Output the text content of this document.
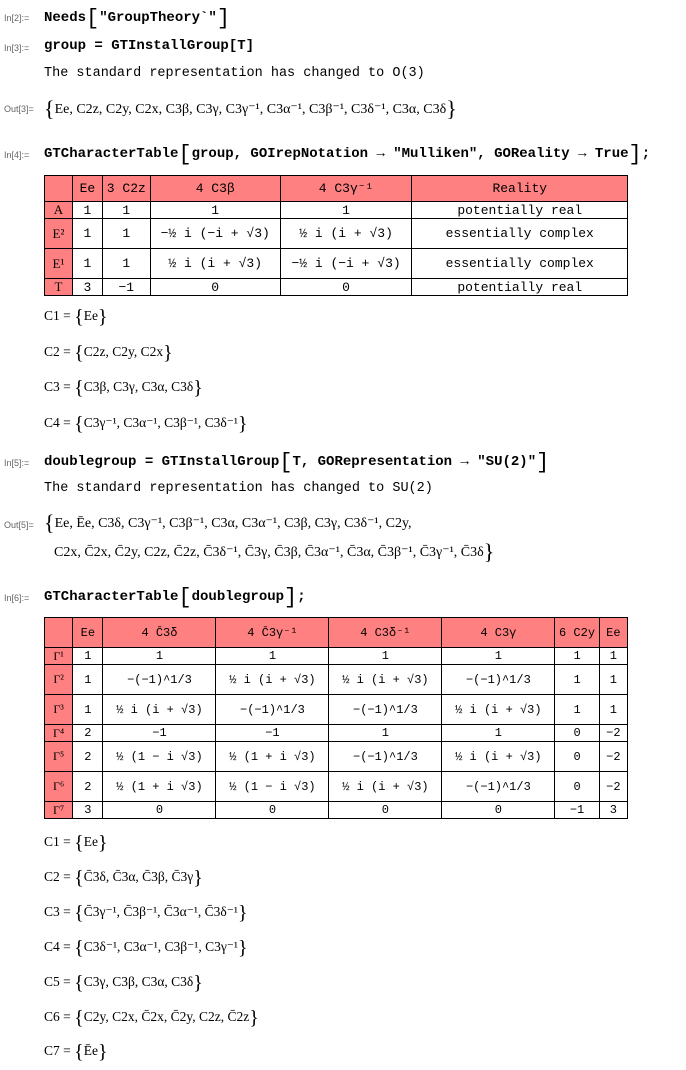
In[2]:= Needs["GroupTheory`"]
In[3]:= group = GTInstallGroup[T]
The standard representation has changed to O(3)
Out[3]= {Ee, C2z, C2y, C2x, C3β, C3γ, C3γ⁻¹, C3α⁻¹, C3β⁻¹, C3δ⁻¹, C3α, C3δ}
In[4]:= GTCharacterTable[group, GOIrepNotation → "Mulliken", GOReality → True];
	Ee	3 C2z	4 C3β	4 C3γ⁻¹	Reality
A	1	1	1	1	potentially real
E²	1	1	−½ i (−i + √3)	½ i (i + √3)	essentially complex
E¹	1	1	½ i (i + √3)	−½ i (−i + √3)	essentially complex
T	3	−1	0	0	potentially real
C1 = {Ee}
C2 = {C2z, C2y, C2x}
C3 = {C3β, C3γ, C3α, C3δ}
C4 = {C3γ⁻¹, C3α⁻¹, C3β⁻¹, C3δ⁻¹}
In[5]:= doublegroup = GTInstallGroup[T, GORepresentation → "SU(2)"]
The standard representation has changed to SU(2)
Out[5]= {Ee, Ēe, C3δ, C3γ⁻¹, C3β⁻¹, C3α, C3α⁻¹, C3β, C3γ, C3δ⁻¹, C2y,
C2x, C̄2x, C̄2y, C2z, C̄2z, C̄3δ⁻¹, C̄3γ, C̄3β, C̄3α⁻¹, C̄3α, C̄3β⁻¹, C̄3γ⁻¹, C̄3δ}
In[6]:= GTCharacterTable[doublegroup];
	Ee	4 C̄3δ	4 C̄3γ⁻¹	4 C3δ⁻¹	4 C3γ	6 C2y	Ee
Γ¹	1	1	1	1	1	1	1
Γ²	1	−(−1)^1/3	½ i (i + √3)	½ i (i + √3)	−(−1)^1/3	1	1
Γ³	1	½ i (i + √3)	−(−1)^1/3	−(−1)^1/3	½ i (i + √3)	1	1
Γ⁴	2	−1	−1	1	1	0	−2
Γ⁵	2	½ (1 − i √3)	½ (1 + i √3)	−(−1)^1/3	½ i (i + √3)	0	−2
Γ⁶	2	½ (1 + i √3)	½ (1 − i √3)	½ i (i + √3)	−(−1)^1/3	0	−2
Γ⁷	3	0	0	0	0	−1	3
C1 = {Ee}
C2 = {C̄3δ, C̄3α, C̄3β, C̄3γ}
C3 = {C̄3γ⁻¹, C̄3β⁻¹, C̄3α⁻¹, C̄3δ⁻¹}
C4 = {C3δ⁻¹, C3α⁻¹, C3β⁻¹, C3γ⁻¹}
C5 = {C3γ, C3β, C3α, C3δ}
C6 = {C2y, C2x, C̄2x, C̄2y, C2z, C̄2z}
C7 = {Ēe}
